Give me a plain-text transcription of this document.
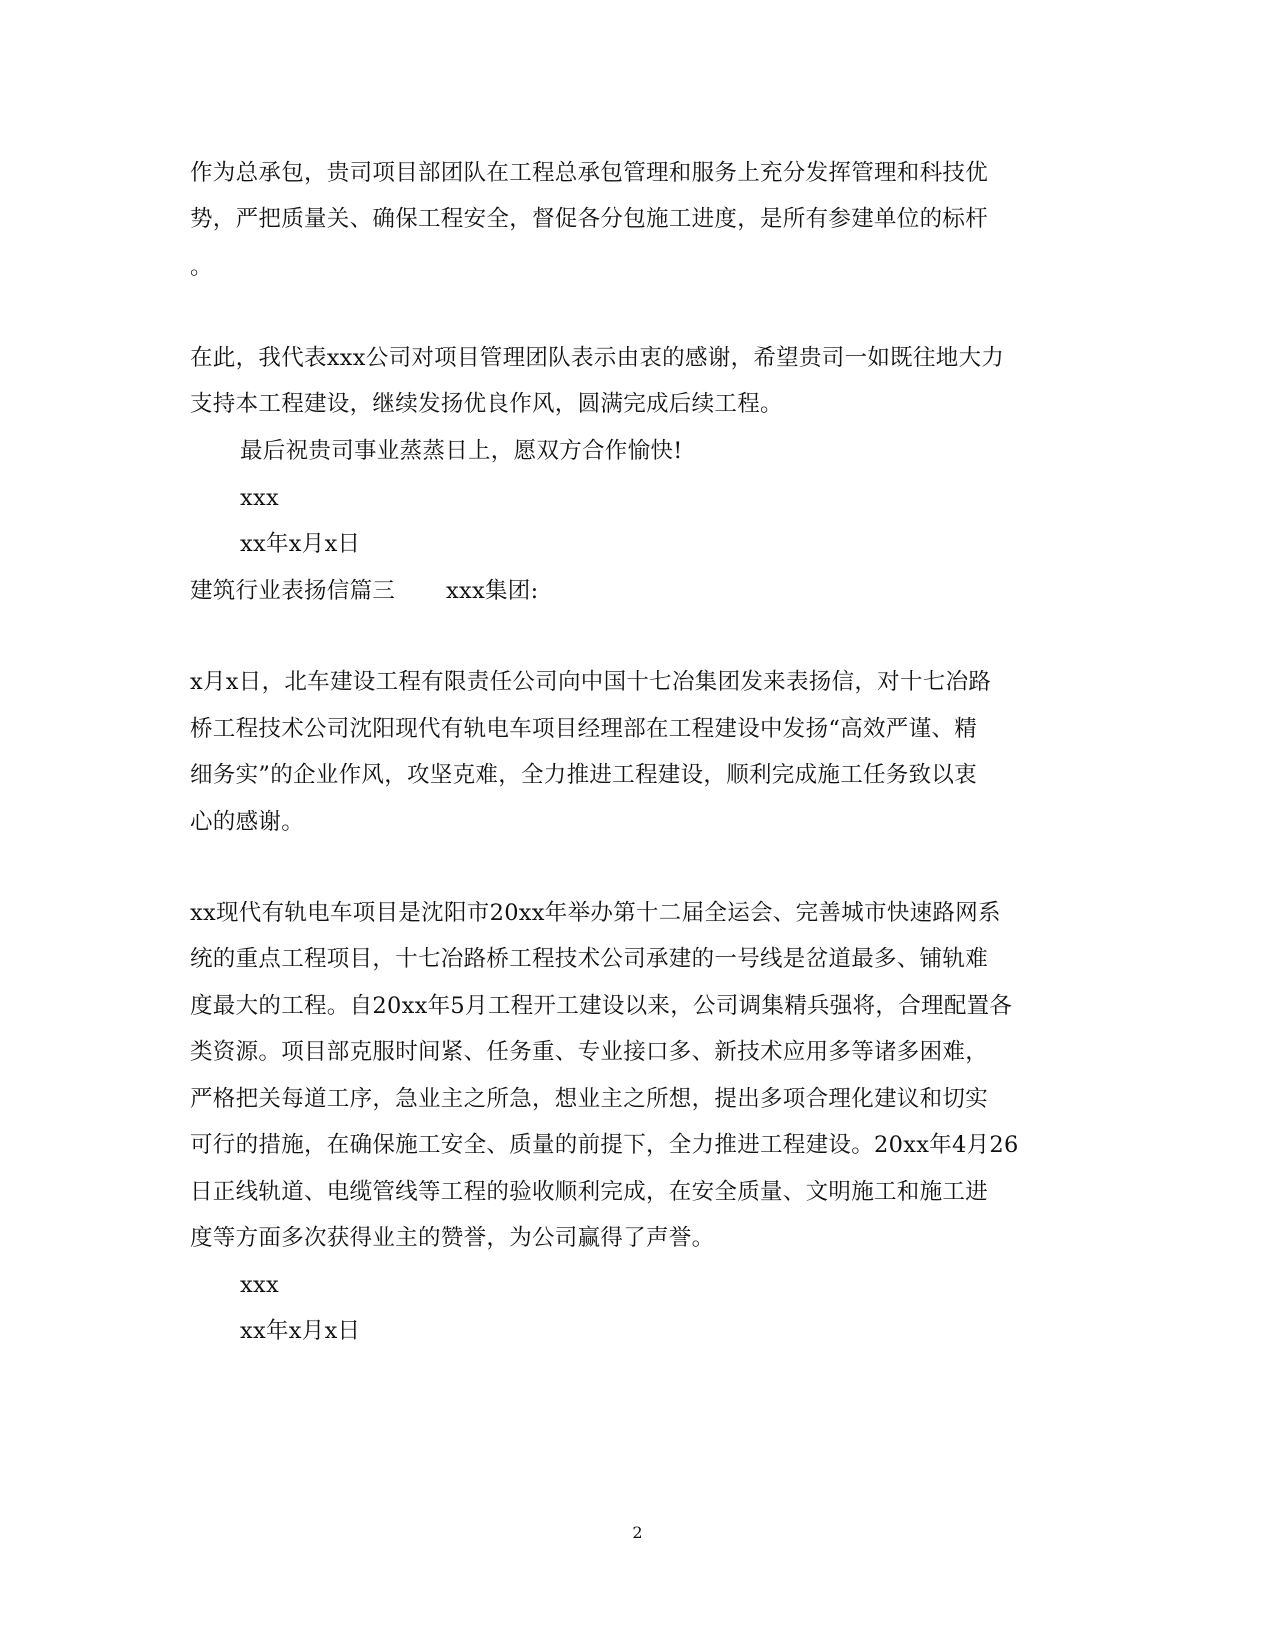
作为总承包，贵司项目部团队在工程总承包管理和服务上充分发挥管理和科技优
势，严把质量关、确保工程安全，督促各分包施工进度，是所有参建单位的标杆
。
在此，我代表xxx公司对项目管理团队表示由衷的感谢，希望贵司一如既往地大力
支持本工程建设，继续发扬优良作风，圆满完成后续工程。
最后祝贵司事业蒸蒸日上，愿双方合作愉快!
xxx
xx年x月x日
建筑行业表扬信篇三 xxx集团:
x月x日，北车建设工程有限责任公司向中国十七冶集团发来表扬信，对十七冶路
桥工程技术公司沈阳现代有轨电车项目经理部在工程建设中发扬“高效严谨、精
细务实”的企业作风，攻坚克难，全力推进工程建设，顺利完成施工任务致以衷
心的感谢。
xx现代有轨电车项目是沈阳市20xx年举办第十二届全运会、完善城市快速路网系
统的重点工程项目，十七冶路桥工程技术公司承建的一号线是岔道最多、铺轨难
度最大的工程。自20xx年5月工程开工建设以来，公司调集精兵强将，合理配置各
类资源。项目部克服时间紧、任务重、专业接口多、新技术应用多等诸多困难，
严格把关每道工序，急业主之所急，想业主之所想，提出多项合理化建议和切实
可行的措施，在确保施工安全、质量的前提下，全力推进工程建设。20xx年4月26
日正线轨道、电缆管线等工程的验收顺利完成，在安全质量、文明施工和施工进
度等方面多次获得业主的赞誉，为公司赢得了声誉。
xxx
xx年x月x日
2
